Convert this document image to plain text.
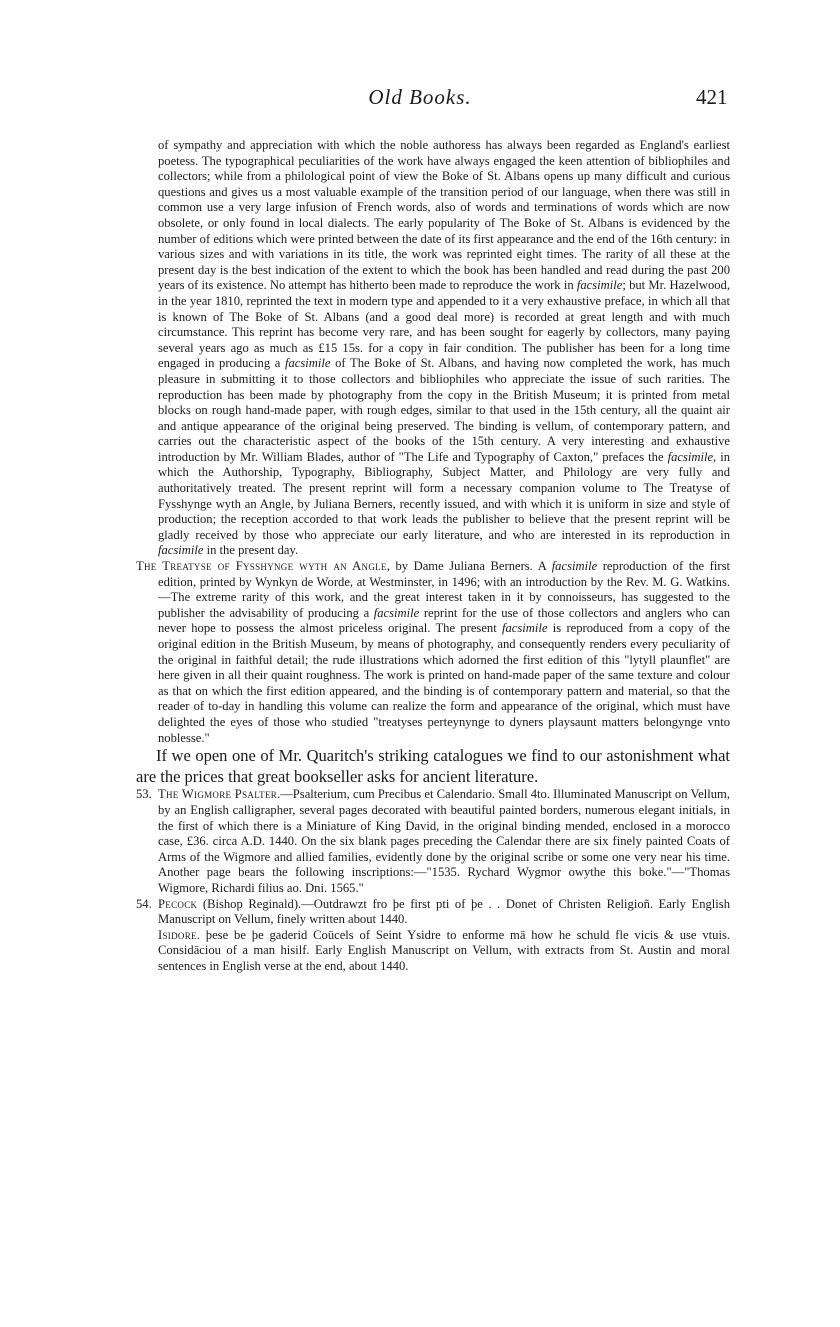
Old Books.	421

of sympathy and appreciation with which the noble authoress has always been regarded as England's earliest poetess. The typographical peculiarities of the work have always engaged the keen attention of bibliophiles and collectors; while from a philological point of view the Boke of St. Albans opens up many difficult and curious questions and gives us a most valuable example of the transition period of our language, when there was still in common use a very large infusion of French words, also of words and terminations of words which are now obsolete, or only found in local dialects. The early popularity of The Boke of St. Albans is evidenced by the number of editions which were printed between the date of its first appearance and the end of the 16th century: in various sizes and with variations in its title, the work was reprinted eight times. The rarity of all these at the present day is the best indication of the extent to which the book has been handled and read during the past 200 years of its existence. No attempt has hitherto been made to reproduce the work in facsimile; but Mr. Hazelwood, in the year 1810, reprinted the text in modern type and appended to it a very exhaustive preface, in which all that is known of The Boke of St. Albans (and a good deal more) is recorded at great length and with much circumstance. This reprint has become very rare, and has been sought for eagerly by collectors, many paying several years ago as much as £15 15s. for a copy in fair condition. The publisher has been for a long time engaged in producing a facsimile of The Boke of St. Albans, and having now completed the work, has much pleasure in submitting it to those collectors and bibliophiles who appreciate the issue of such rarities. The reproduction has been made by photography from the copy in the British Museum; it is printed from metal blocks on rough hand-made paper, with rough edges, similar to that used in the 15th century, all the quaint air and antique appearance of the original being preserved. The binding is vellum, of contemporary pattern, and carries out the characteristic aspect of the books of the 15th century. A very interesting and exhaustive introduction by Mr. William Blades, author of "The Life and Typography of Caxton," prefaces the facsimile, in which the Authorship, Typography, Bibliography, Subject Matter, and Philology are very fully and authoritatively treated. The present reprint will form a necessary companion volume to The Treatyse of Fysshynge wyth an Angle, by Juliana Berners, recently issued, and with which it is uniform in size and style of production; the reception accorded to that work leads the publisher to believe that the present reprint will be gladly received by those who appreciate our early literature, and who are interested in its reproduction in facsimile in the present day.

The Treatyse of Fysshynge wyth an Angle, by Dame Juliana Berners. A facsimile reproduction of the first edition, printed by Wynkyn de Worde, at Westminster, in 1496; with an introduction by the Rev. M. G. Watkins.—The extreme rarity of this work, and the great interest taken in it by connoisseurs, has suggested to the publisher the advisability of producing a facsimile reprint for the use of those collectors and anglers who can never hope to possess the almost priceless original. The present facsimile is reproduced from a copy of the original edition in the British Museum, by means of photography, and consequently renders every peculiarity of the original in faithful detail; the rude illustrations which adorned the first edition of this "lytyll plaunflet" are here given in all their quaint roughness. The work is printed on hand-made paper of the same texture and colour as that on which the first edition appeared, and the binding is of contemporary pattern and material, so that the reader of to-day in handling this volume can realize the form and appearance of the original, which must have delighted the eyes of those who studied "treatyses perteynynge to dyners playsaunt matters belongynge vnto noblesse."

If we open one of Mr. Quaritch's striking catalogues we find to our astonishment what are the prices that great bookseller asks for ancient literature.

53. The Wigmore Psalter.—Psalterium, cum Precibus et Calendario. Small 4to. Illuminated Manuscript on Vellum, by an English calligrapher, several pages decorated with beautiful painted borders, numerous elegant initials, in the first of which there is a Miniature of King David, in the original binding mended, enclosed in a morocco case, £36. circa A.D. 1440. On the six blank pages preceding the Calendar there are six finely painted Coats of Arms of the Wigmore and allied families, evidently done by the original scribe or some one very near his time. Another page bears the following inscriptions:—"1535. Rychard Wygmor owythe this boke."—"Thomas Wigmore, Richardi filius ao. Dni. 1565."

54. Pecock (Bishop Reginald).—Outdrawzt fro þe first pti of þe . . Donet of Christen Religioñ. Early English Manuscript on Vellum, finely written about 1440.

Isidore. þese be þe gaderid Coūcels of Seint Ysidre to enforme mā how he schuld fle vicis & use vtuis. Considāciou of a man hisilf. Early English Manuscript on Vellum, with extracts from St. Austin and moral sentences in English verse at the end, about 1440.
